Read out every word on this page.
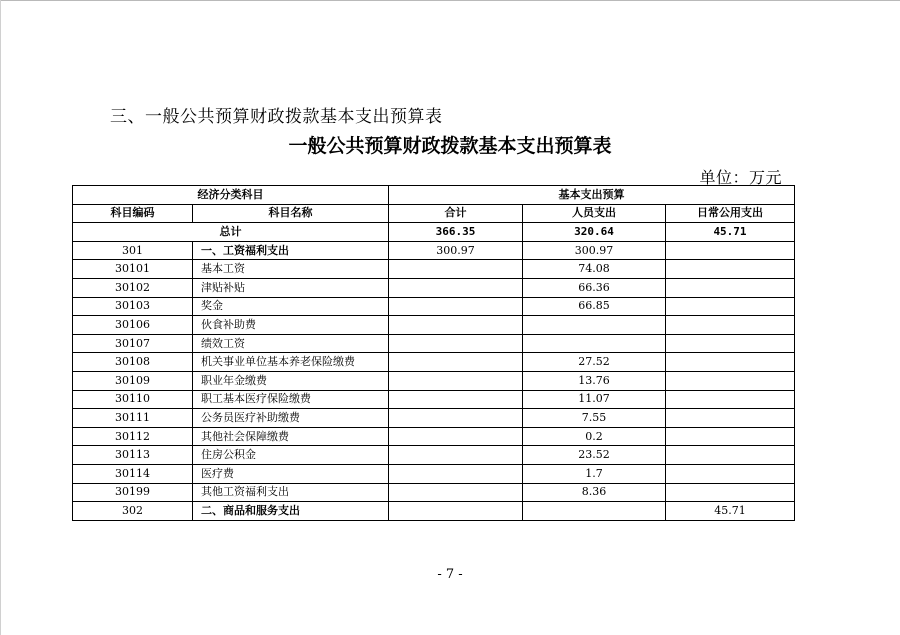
三、一般公共预算财政拨款基本支出预算表
一般公共预算财政拨款基本支出预算表
单位：万元
经济分类科目		基本支出预算		
科目编码	科目名称	合计	人员支出	日常公用支出
总计		366.35	320.64	45.71
301	一、工资福利支出	300.97	300.97	
30101	基本工资		74.08	
30102	津贴补贴		66.36	
30103	奖金		66.85	
30106	伙食补助费			
30107	绩效工资			
30108	机关事业单位基本养老保险缴费		27.52	
30109	职业年金缴费		13.76	
30110	职工基本医疗保险缴费		11.07	
30111	公务员医疗补助缴费		7.55	
30112	其他社会保障缴费		0.2	
30113	住房公积金		23.52	
30114	医疗费		1.7	
30199	其他工资福利支出		8.36	
302	二、商品和服务支出			45.71
- 7 -
